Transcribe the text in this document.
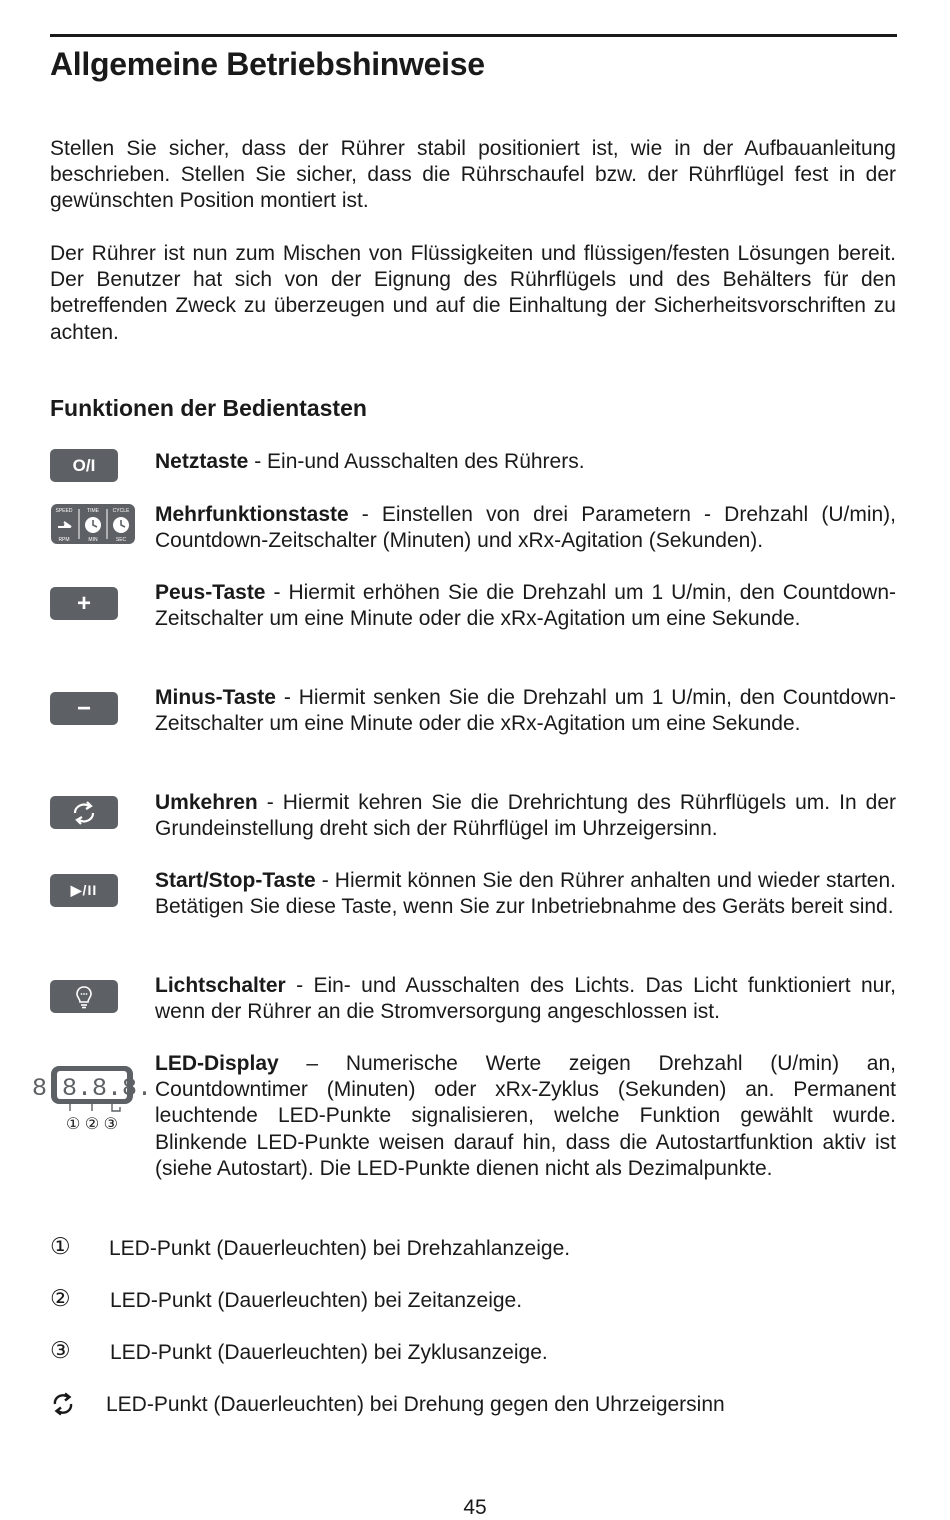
Allgemeine Betriebshinweise

Stellen Sie sicher, dass der Rührer stabil positioniert ist, wie in der Aufbauanleitung beschrieben. Stellen Sie sicher, dass die Rührschaufel bzw. der Rührflügel fest in der gewünschten Position montiert ist.

Der Rührer ist nun zum Mischen von Flüssigkeiten und flüssigen/festen Lösungen bereit. Der Benutzer hat sich von der Eignung des Rührflügels und des Behälters für den betreffenden Zweck zu überzeugen und auf die Einhaltung der Sicherheitsvorschriften zu achten.

Funktionen der Bedientasten
O/I	Netztaste - Ein-und Ausschalten des Rührers.

SPEED	TIME	CYCLE
RPM	MIN	SEC

Mehrfunktionstaste - Einstellen von drei Parametern - Drehzahl (U/min), Countdown-Zeitschalter (Minuten) und xRx-Agitation (Sekunden).

+	Peus-Taste - Hiermit erhöhen Sie die Drehzahl um 1 U/min, den Countdown-Zeitschalter um eine Minute oder die xRx-Agitation um eine Sekunde.

−	Minus-Taste - Hiermit senken Sie die Drehzahl um 1 U/min, den Countdown-Zeitschalter um eine Minute oder die xRx-Agitation um eine Sekunde.

Umkehren - Hiermit kehren Sie die Drehrichtung des Rührflügels um. In der Grundeinstellung dreht sich der Rührflügel im Uhrzeigersinn.

▶/II	Start/Stop-Taste - Hiermit können Sie den Rührer anhalten und wieder starten. Betätigen Sie diese Taste, wenn Sie zur Inbetriebnahme des Geräts bereit sind.

Lichtschalter - Ein- und Ausschalten des Lichts. Das Licht funktioniert nur, wenn der Rührer an die Stromversorgung angeschlossen ist.

8.8.8.8.
① ② ③

LED-Display – Numerische Werte zeigen Drehzahl (U/min) an, Countdowntimer (Minuten) oder xRx-Zyklus (Sekunden) an. Permanent leuchtende LED-Punkte signalisieren, welche Funktion gewählt wurde. Blinkende LED-Punkte weisen darauf hin, dass die Autostartfunktion aktiv ist (siehe Autostart). Die LED-Punkte dienen nicht als Dezimalpunkte.

① LED-Punkt (Dauerleuchten) bei Drehzahlanzeige.
② LED-Punkt (Dauerleuchten) bei Zeitanzeige.
③ LED-Punkt (Dauerleuchten) bei Zyklusanzeige.
LED-Punkt (Dauerleuchten) bei Drehung gegen den Uhrzeigersinn
45
